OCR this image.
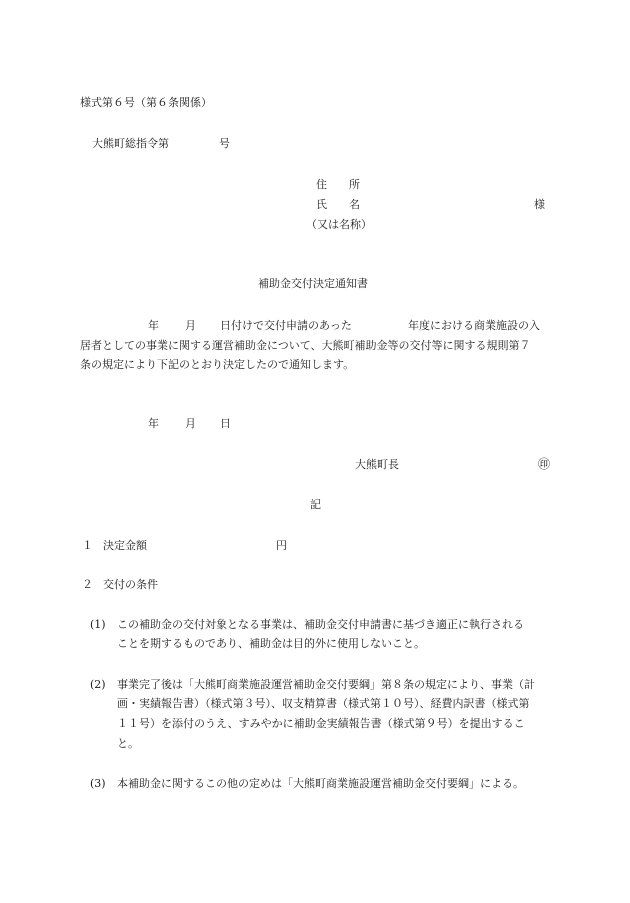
様式第６号（第６条関係）
大熊町総指令第	号
住　　所
氏　　名	様
（又は名称）
補助金交付決定通知書
年 月 日付けで交付申請のあった	年度における商業施設の入
居者としての事業に関する運営補助金について、大熊町補助金等の交付等に関する規則第７
条の規定により下記のとおり決定したので通知します。
年 月 日
大熊町長	㊞
記
１ 決定金額	円
２ 交付の条件
(1) この補助金の交付対象となる事業は、補助金交付申請書に基づき適正に執行される
ことを期するものであり、補助金は目的外に使用しないこと。
(2) 事業完了後は「大熊町商業施設運営補助金交付要綱」第８条の規定により、事業（計
画・実績報告書）（様式第３号）、収支精算書（様式第１０号）、経費内訳書（様式第
１１号）を添付のうえ、すみやかに補助金実績報告書（様式第９号）を提出するこ
と。
(3) 本補助金に関するこの他の定めは「大熊町商業施設運営補助金交付要綱」による。
